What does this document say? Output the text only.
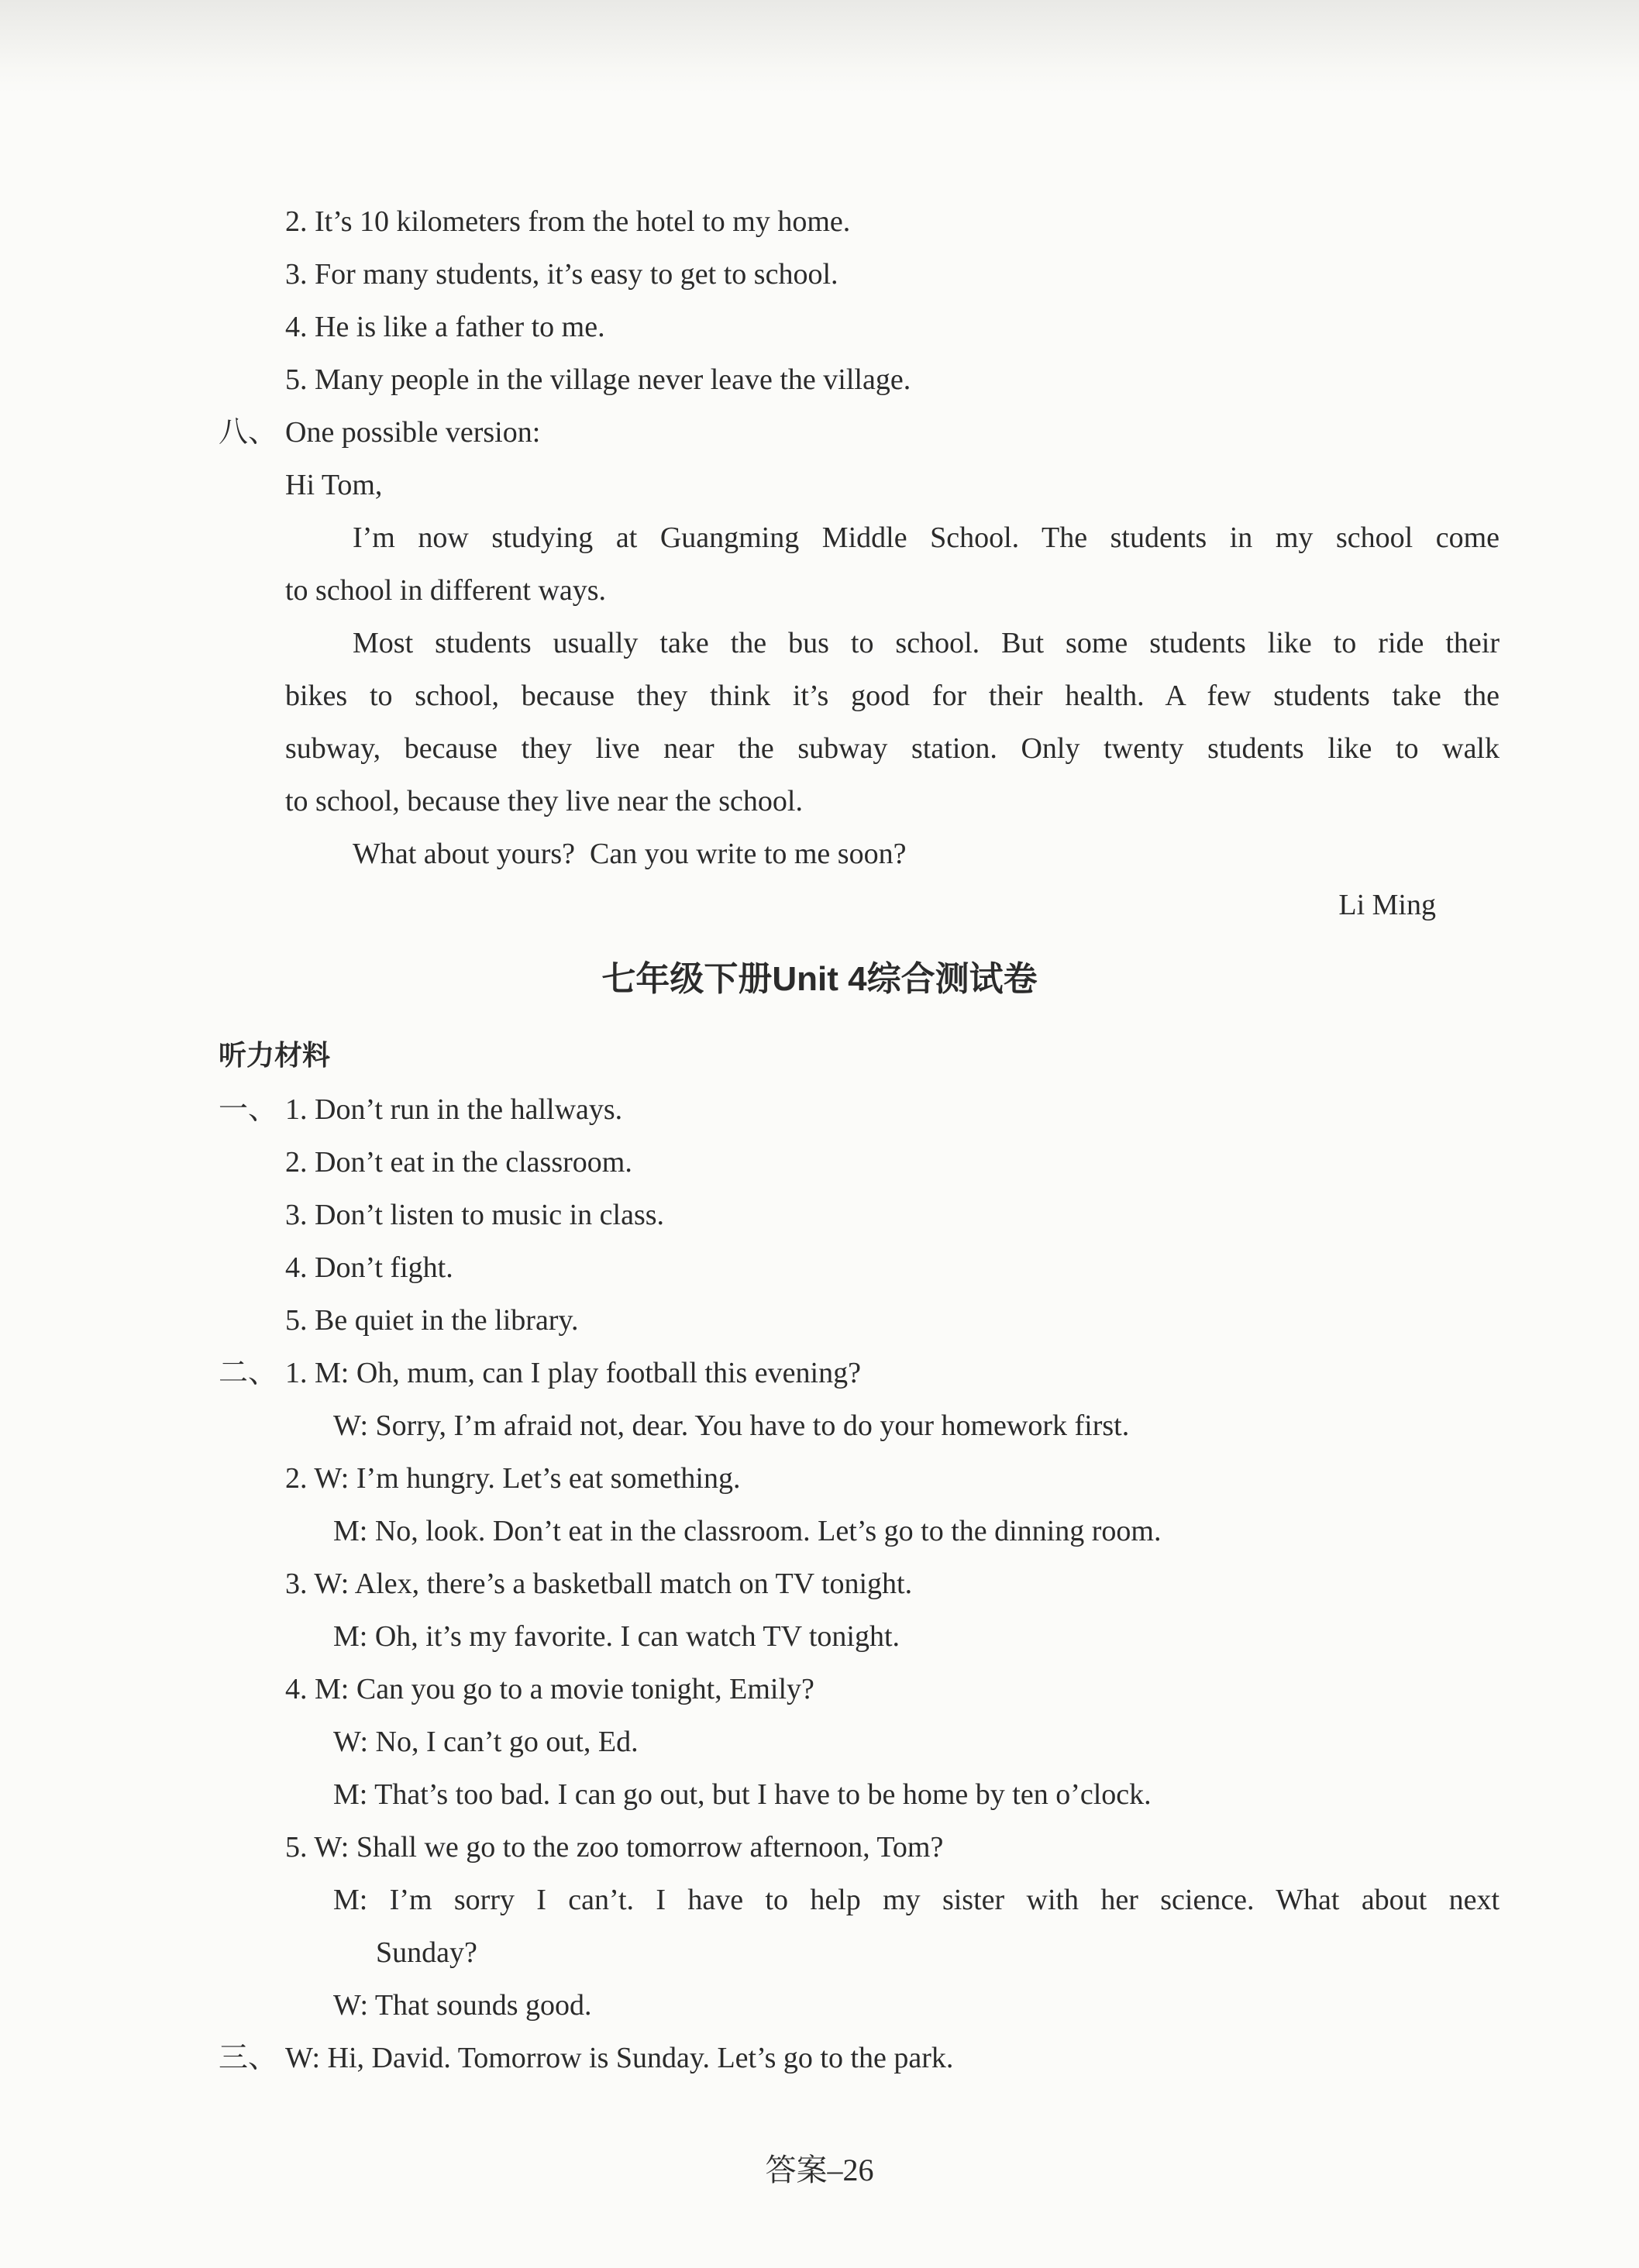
2. It’s 10 kilometers from the hotel to my home.
3. For many students, it’s easy to get to school.
4. He is like a father to me.
5. Many people in the village never leave the village.
八、 One possible version:
Hi Tom,
I’m now studying at Guangming Middle School. The students in my school come
to school in different ways.
Most students usually take the bus to school. But some students like to ride their
bikes to school, because they think it’s good for their health. A few students take the
subway, because they live near the subway station. Only twenty students like to walk
to school, because they live near the school.
What about yours?  Can you write to me soon?
Li Ming
七年级下册Unit 4综合测试卷
听力材料
一、 1. Don’t run in the hallways.
2. Don’t eat in the classroom.
3. Don’t listen to music in class.
4. Don’t fight.
5. Be quiet in the library.
二、 1. M: Oh, mum, can I play football this evening?
W: Sorry, I’m afraid not, dear. You have to do your homework first.
2. W: I’m hungry. Let’s eat something.
M: No, look. Don’t eat in the classroom. Let’s go to the dinning room.
3. W: Alex, there’s a basketball match on TV tonight.
M: Oh, it’s my favorite. I can watch TV tonight.
4. M: Can you go to a movie tonight, Emily?
W: No, I can’t go out, Ed.
M: That’s too bad. I can go out, but I have to be home by ten o’clock.
5. W: Shall we go to the zoo tomorrow afternoon, Tom?
M: I’m sorry I can’t. I have to help my sister with her science. What about next
Sunday?
W: That sounds good.
三、 W: Hi, David. Tomorrow is Sunday. Let’s go to the park.
答案–26
